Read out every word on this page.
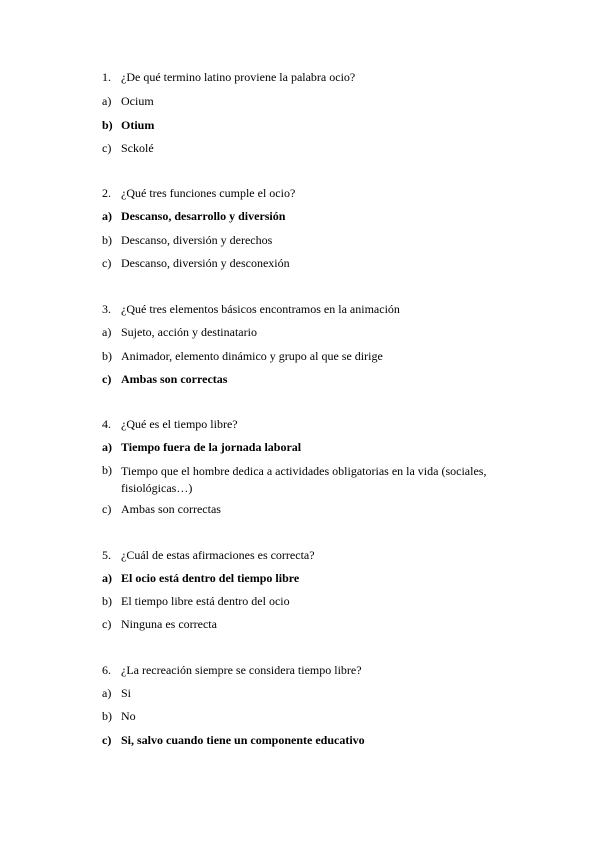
1. ¿De qué termino latino proviene la palabra ocio?
a) Ocium
b) Otium
c) Sckolé
2. ¿Qué tres funciones cumple el ocio?
a) Descanso, desarrollo y diversión
b) Descanso, diversión y derechos
c) Descanso, diversión y desconexión
3. ¿Qué tres elementos básicos encontramos en la animación
a) Sujeto, acción y destinatario
b) Animador, elemento dinámico y grupo al que se dirige
c) Ambas son correctas
4. ¿Qué es el tiempo libre?
a) Tiempo fuera de la jornada laboral
b) Tiempo que el hombre dedica a actividades obligatorias en la vida (sociales, fisiológicas…)
c) Ambas son correctas
5. ¿Cuál de estas afirmaciones es correcta?
a) El ocio está dentro del tiempo libre
b) El tiempo libre está dentro del ocio
c) Ninguna es correcta
6. ¿La recreación siempre se considera tiempo libre?
a) Si
b) No
c) Si, salvo cuando tiene un componente educativo
